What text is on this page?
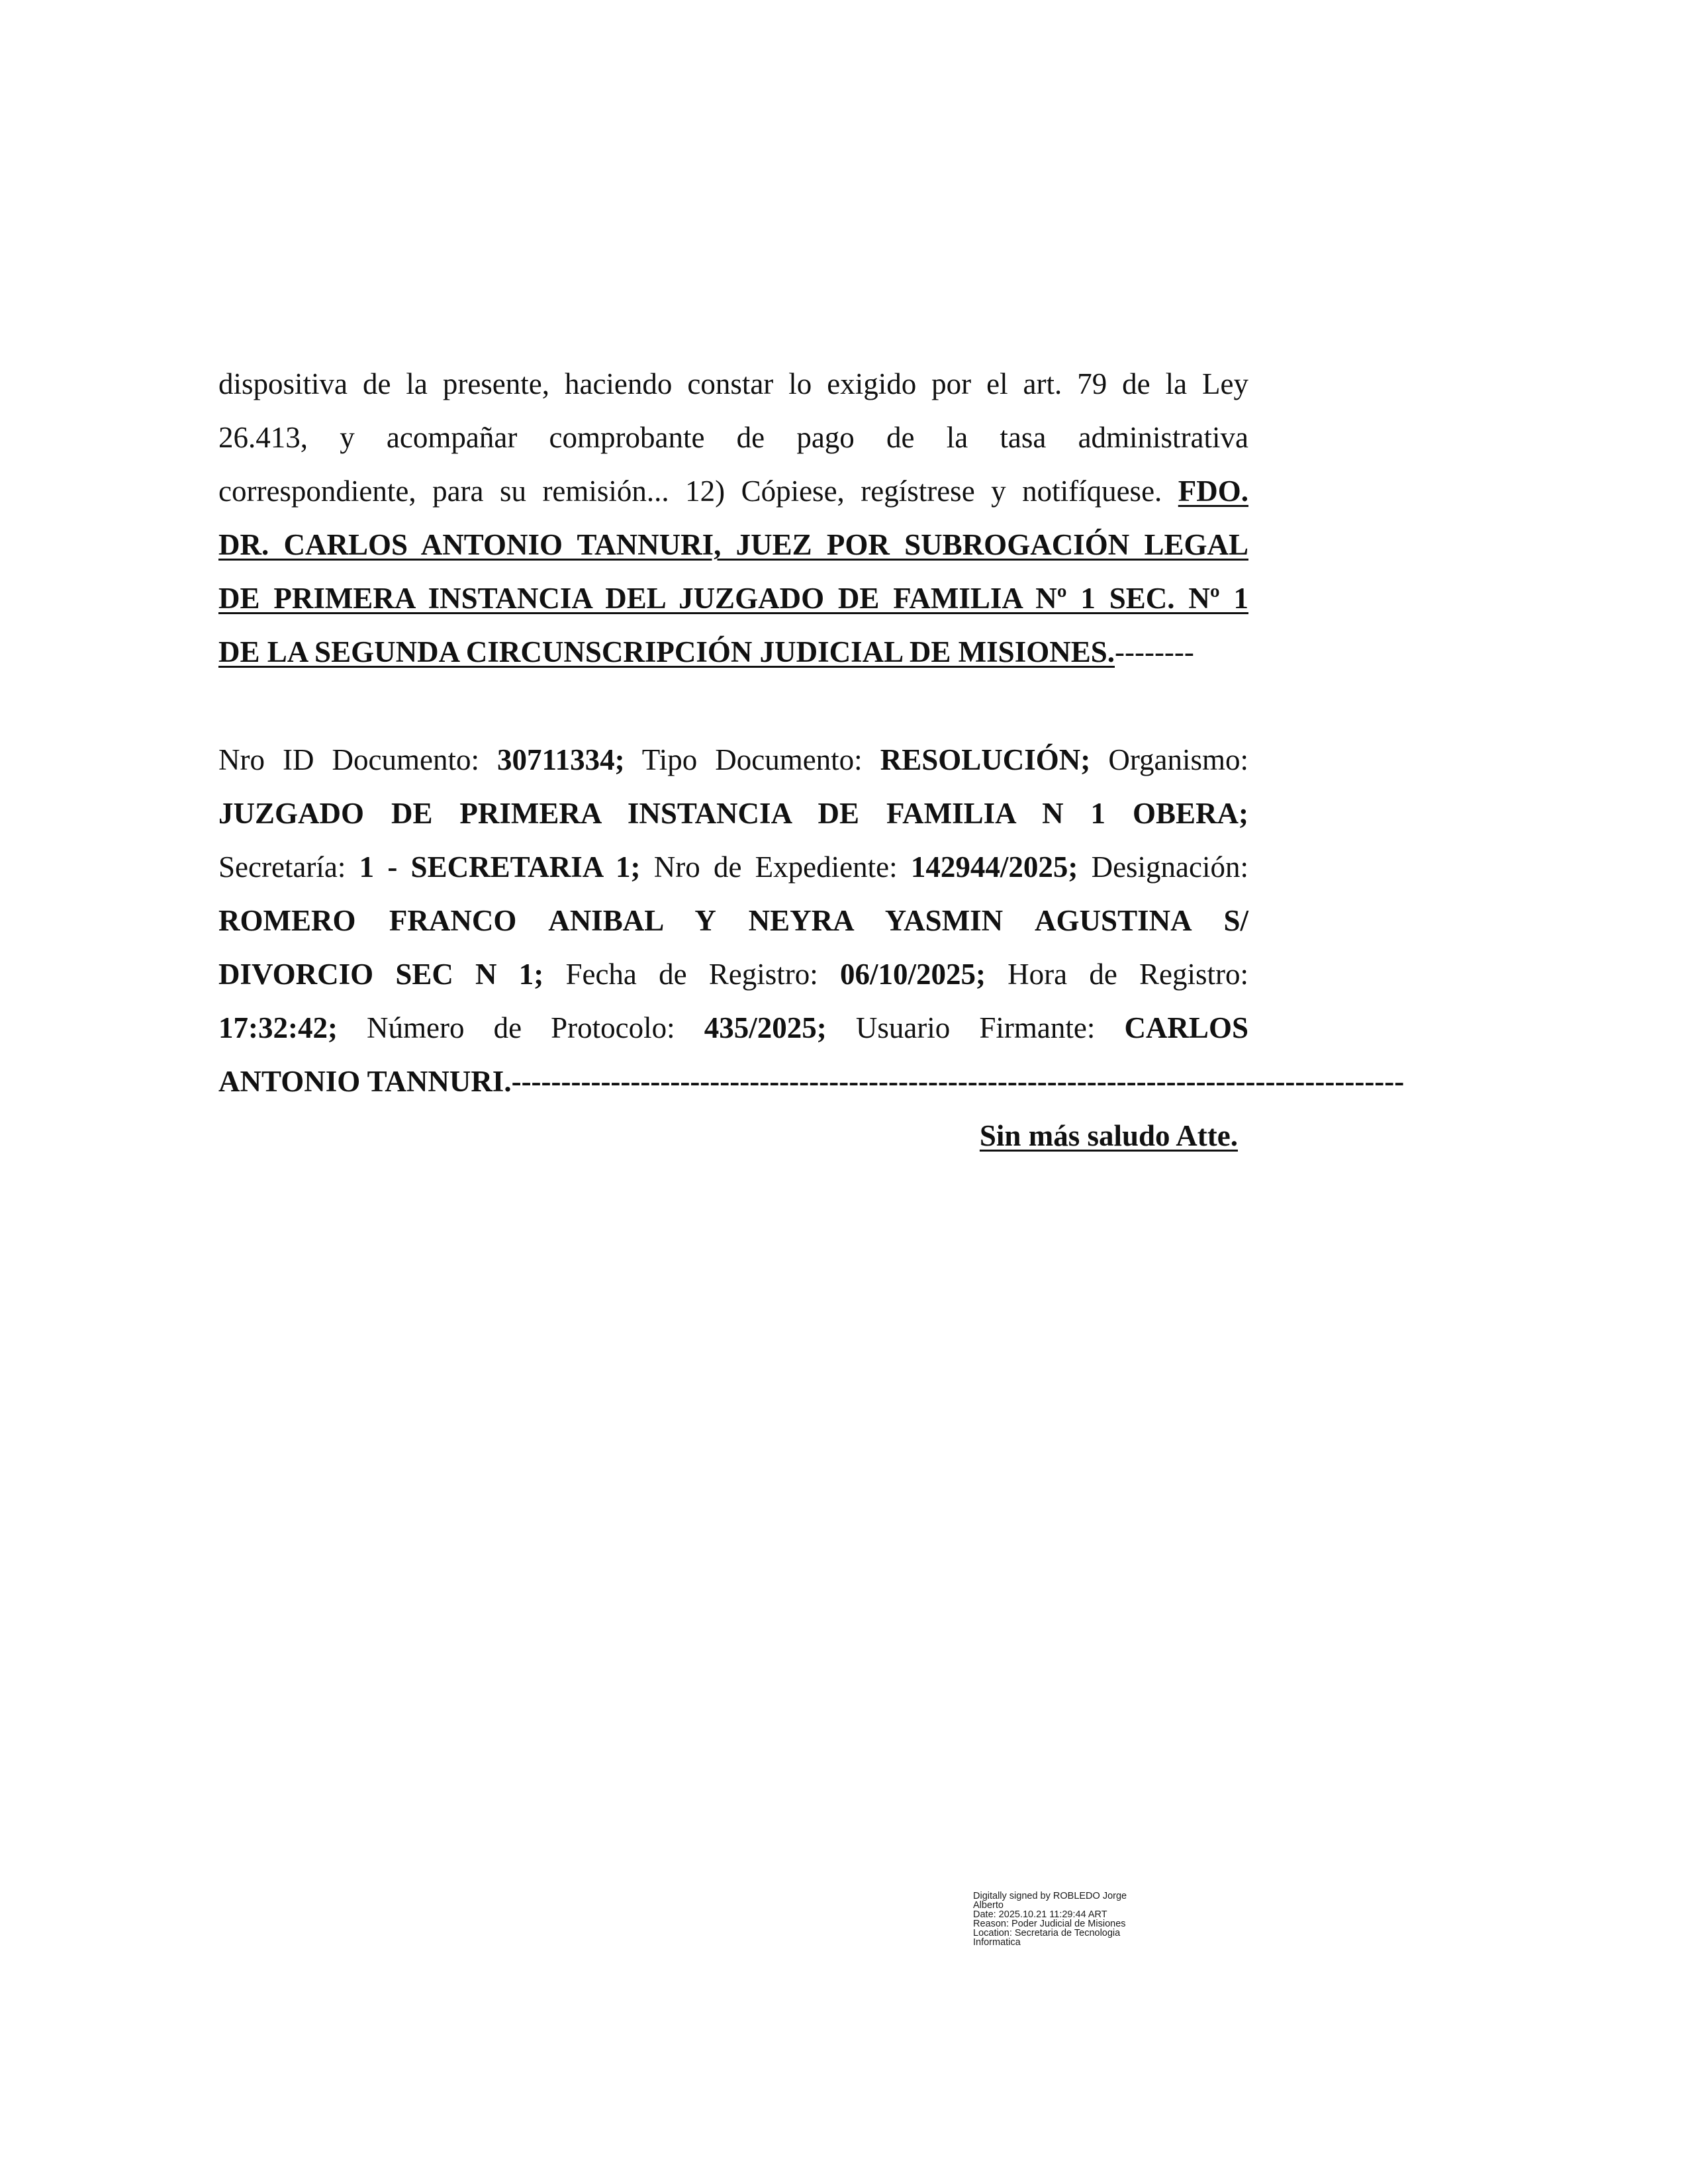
dispositiva de la presente, haciendo constar lo exigido por el art. 79 de la Ley
26.413, y acompañar comprobante de pago de la tasa administrativa
correspondiente, para su remisión... 12) Cópiese, regístrese y notifíquese. FDO.
DR. CARLOS ANTONIO TANNURI, JUEZ POR SUBROGACIÓN LEGAL
DE PRIMERA INSTANCIA DEL JUZGADO DE FAMILIA Nº 1 SEC. Nº 1
DE LA SEGUNDA CIRCUNSCRIPCIÓN JUDICIAL DE MISIONES. --------
Nro ID Documento: 30711334; Tipo Documento: RESOLUCIÓN; Organismo:
JUZGADO DE PRIMERA INSTANCIA DE FAMILIA N 1 OBERA;
Secretaría: 1 - SECRETARIA 1; Nro de Expediente: 142944/2025; Designación:
ROMERO FRANCO ANIBAL Y NEYRA YASMIN AGUSTINA S/
DIVORCIO SEC N 1; Fecha de Registro: 06/10/2025; Hora de Registro:
17:32:42; Número de Protocolo: 435/2025; Usuario Firmante: CARLOS
ANTONIO TANNURI.- -----------------------------------------------------------------------------------------
Sin más saludo Atte.
Digitally signed by ROBLEDO Jorge
Alberto
Date: 2025.10.21 11:29:44 ART
Reason: Poder Judicial de Misiones
Location: Secretaria de Tecnologia
Informatica
